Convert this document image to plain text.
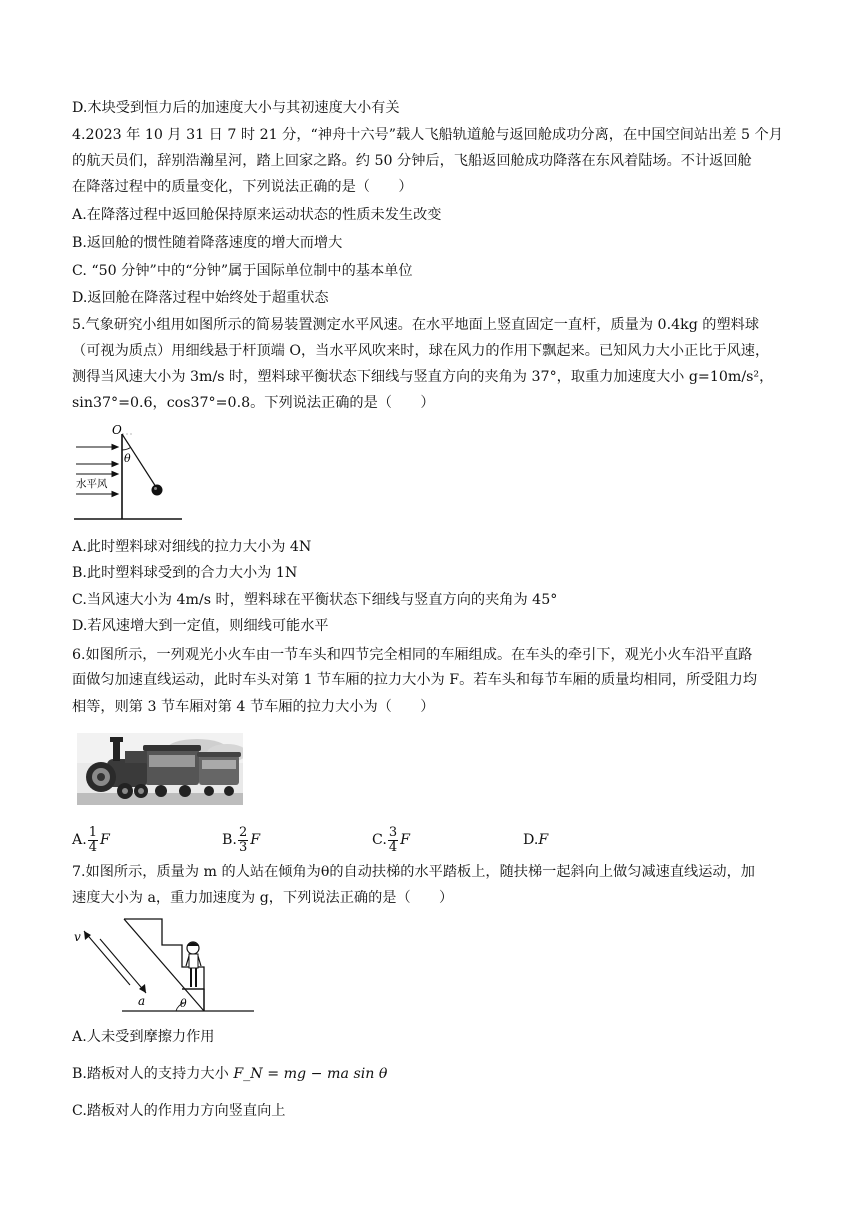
D.木块受到恒力后的加速度大小与其初速度大小有关
4.2023 年 10 月 31 日 7 时 21 分，“神舟十六号”载人飞船轨道舱与返回舱成功分离，在中国空间站出差 5 个月
的航天员们，辞别浩瀚星河，踏上回家之路。约 50 分钟后，飞船返回舱成功降落在东风着陆场。不计返回舱
在降落过程中的质量变化，下列说法正确的是（　　）
A.在降落过程中返回舱保持原来运动状态的性质未发生改变
B.返回舱的惯性随着降落速度的增大而增大
C. “50 分钟”中的“分钟”属于国际单位制中的基本单位
D.返回舱在降落过程中始终处于超重状态
5.气象研究小组用如图所示的简易装置测定水平风速。在水平地面上竖直固定一直杆，质量为 0.4kg 的塑料球
（可视为质点）用细线悬于杆顶端 O，当水平风吹来时，球在风力的作用下飘起来。已知风力大小正比于风速，
测得当风速大小为 3m/s 时，塑料球平衡状态下细线与竖直方向的夹角为 37°，取重力加速度大小 g=10m/s²，
sin37°=0.6，cos37°=0.8。下列说法正确的是（　　）
O
θ
水平风
A.此时塑料球对细线的拉力大小为 4N
B.此时塑料球受到的合力大小为 1N
C.当风速大小为 4m/s 时，塑料球在平衡状态下细线与竖直方向的夹角为 45°
D.若风速增大到一定值，则细线可能水平
6.如图所示，一列观光小火车由一节车头和四节完全相同的车厢组成。在车头的牵引下，观光小火车沿平直路
面做匀加速直线运动，此时车头对第 1 节车厢的拉力大小为 F。若车头和每节车厢的质量均相同，所受阻力均
相等，则第 3 节车厢对第 4 节车厢的拉力大小为（　　）
A. $\frac{1}{4}$ F	B. $\frac{2}{3}$ F	C. $\frac{3}{4}$ F	D. F
7.如图所示，质量为 m 的人站在倾角为θ的自动扶梯的水平踏板上，随扶梯一起斜向上做匀减速直线运动，加
速度大小为 a，重力加速度为 g，下列说法正确的是（　　）
v
a	θ
A.人未受到摩擦力作用
B.踏板对人的支持力大小 F_N = mg − ma sin θ
C.踏板对人的作用力方向竖直向上
